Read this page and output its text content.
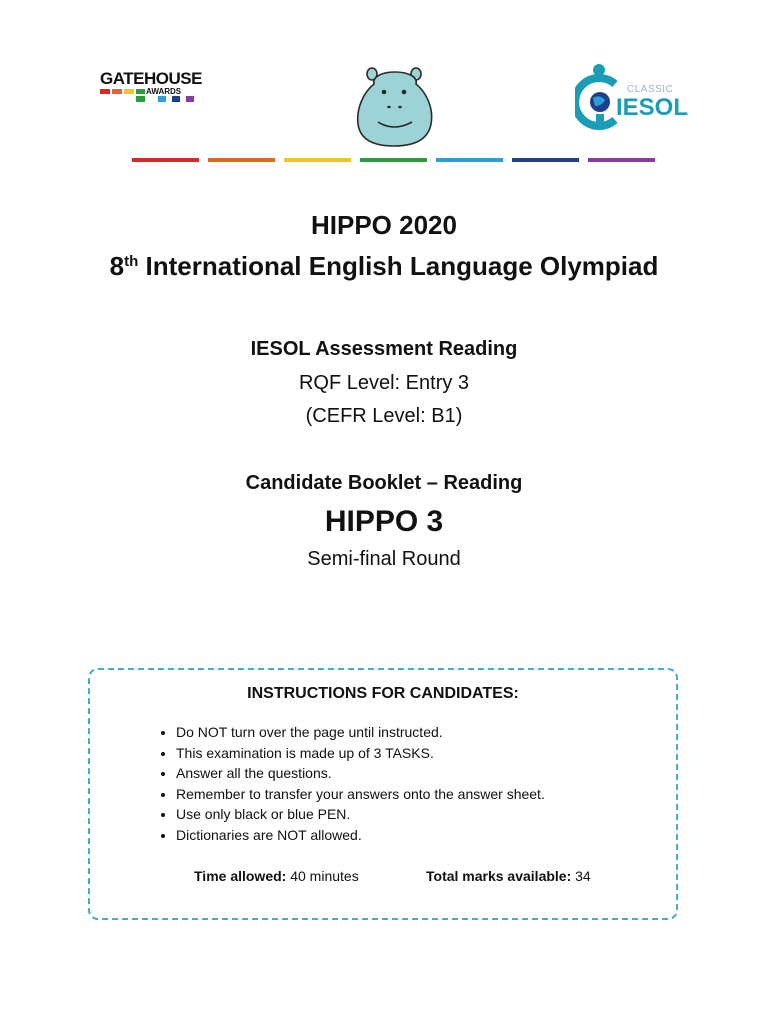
GATEHOUSE
AWARDS	CLASSIC
IESOL
HIPPO 2020
8th International English Language Olympiad
IESOL Assessment Reading
RQF Level: Entry 3
(CEFR Level: B1)
Candidate Booklet – Reading
HIPPO 3
Semi-final Round
INSTRUCTIONS FOR CANDIDATES:
• Do NOT turn over the page until instructed.
• This examination is made up of 3 TASKS.
• Answer all the questions.
• Remember to transfer your answers onto the answer sheet.
• Use only black or blue PEN.
• Dictionaries are NOT allowed.
Time allowed: 40 minutes	Total marks available: 34
